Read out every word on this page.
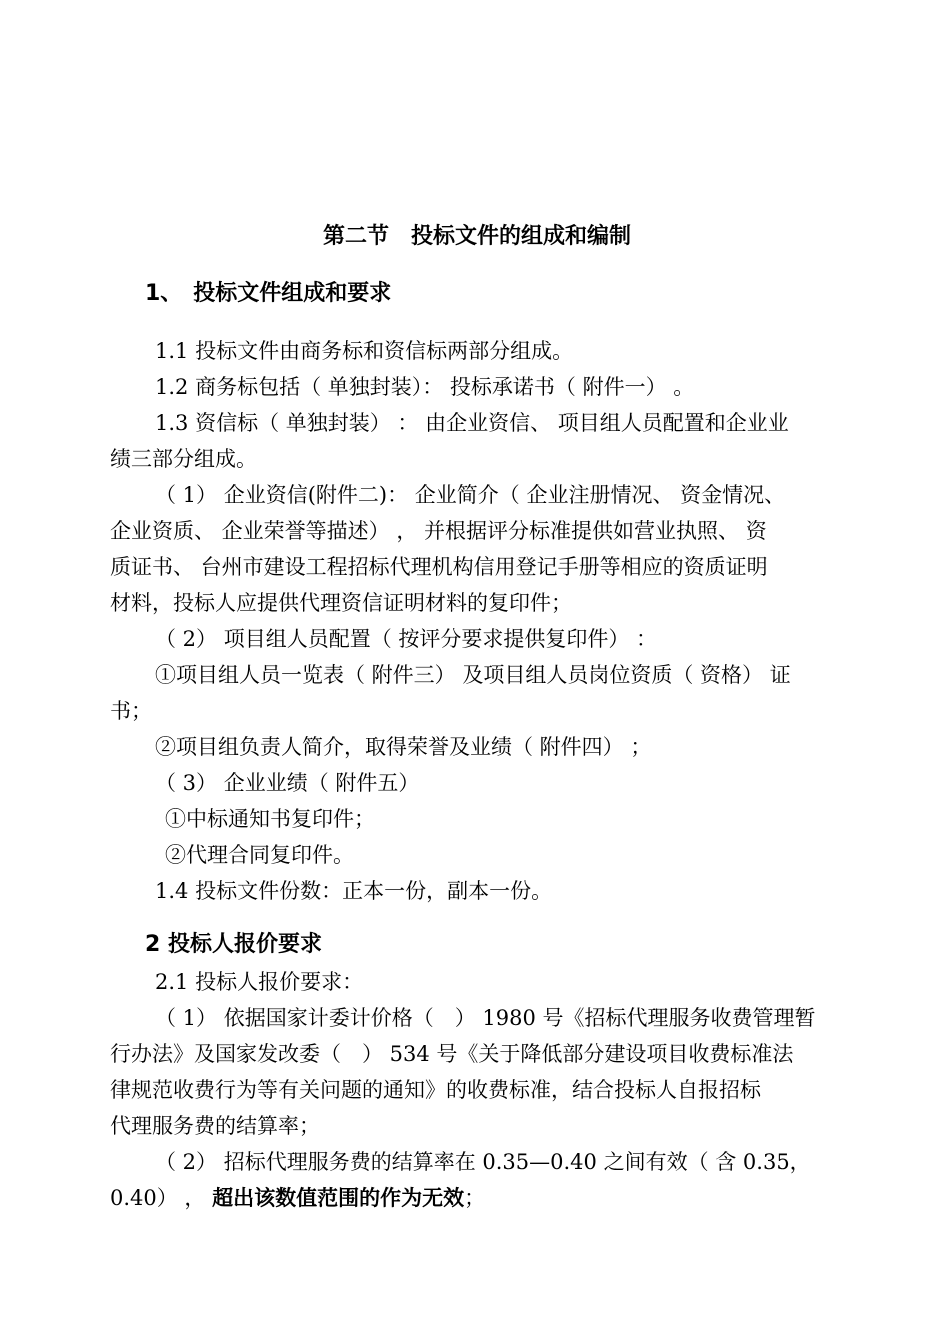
第二节　投标文件的组成和编制
1、　投标文件组成和要求
1.1 投标文件由商务标和资信标两部分组成。
1.2 商务标包括（ 单独封装）： 投标承诺书（ 附件一） 。
1.3 资信标（ 单独封装） ： 由企业资信、 项目组人员配置和企业业
绩三部分组成。
（ 1） 企业资信(附件二)： 企业简介（ 企业注册情况、 资金情况、
企业资质、 企业荣誉等描述） ， 并根据评分标准提供如营业执照、 资
质证书、 台州市建设工程招标代理机构信用登记手册等相应的资质证明
材料，投标人应提供代理资信证明材料的复印件；
（ 2） 项目组人员配置（ 按评分要求提供复印件） ：
①项目组人员一览表（ 附件三） 及项目组人员岗位资质（ 资格） 证
书；
②项目组负责人简介，取得荣誉及业绩（ 附件四） ；
（ 3） 企业业绩（ 附件五）
①中标通知书复印件；
②代理合同复印件。
1.4 投标文件份数：正本一份，副本一份。
2 投标人报价要求
2.1 投标人报价要求：
（ 1） 依据国家计委计价格（　） 1980 号《招标代理服务收费管理暂
行办法》及国家发改委（　） 534 号《关于降低部分建设项目收费标准法
律规范收费行为等有关问题的通知》的收费标准，结合投标人自报招标
代理服务费的结算率；
（ 2） 招标代理服务费的结算率在 0.35—0.40 之间有效（ 含 0.35，
0.40） ， 超出该数值范围的作为无效；
